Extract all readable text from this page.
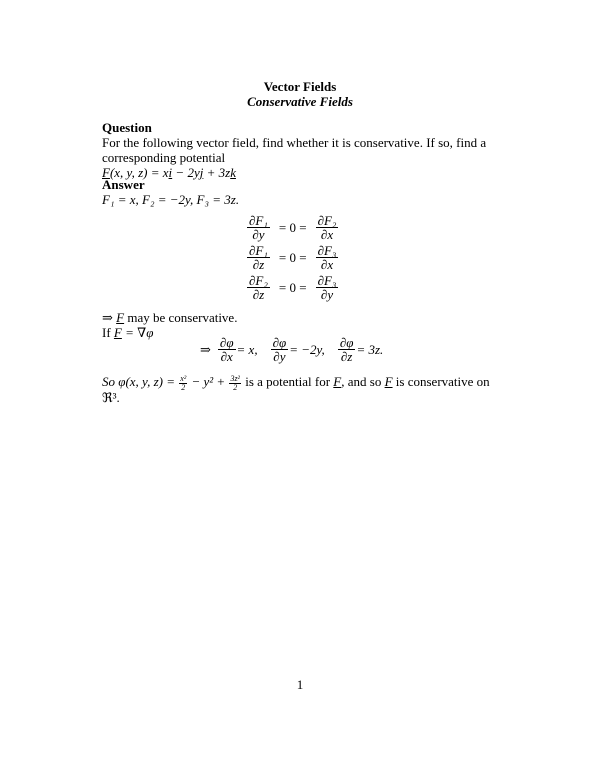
Vector Fields
Conservative Fields
Question
For the following vector field, find whether it is conservative. If so, find a
corresponding potential
F(x, y, z) = xi − 2yj + 3zk
Answer
F₁ = x, F₂ = −2y, F₃ = 3z.
$\frac{\text{∂F₁}}{\partial y} = 0 = \frac{\text{∂F₂}}{\partial x}$
$\frac{\text{∂F₁}}{\partial z} = 0 = \frac{\text{∂F₃}}{\partial x}$
$\frac{\text{∂F₂}}{\partial z} = 0 = \frac{\text{∂F₃}}{\partial y}$
⇒ F may be conservative.
If F = ∇φ
⇒ $\frac{\partial\varphi}{\partial x} = x$, $\frac{\partial\varphi}{\partial y} = -2y$, $\frac{\partial\varphi}{\partial z} = 3z$.
So φ(x, y, $z) = \frac{\text{x²}}{2} - y^2 + \frac{\text{3z²}}{2}$ is a potential for F, and so F is conservative on
ℜ³.
1
